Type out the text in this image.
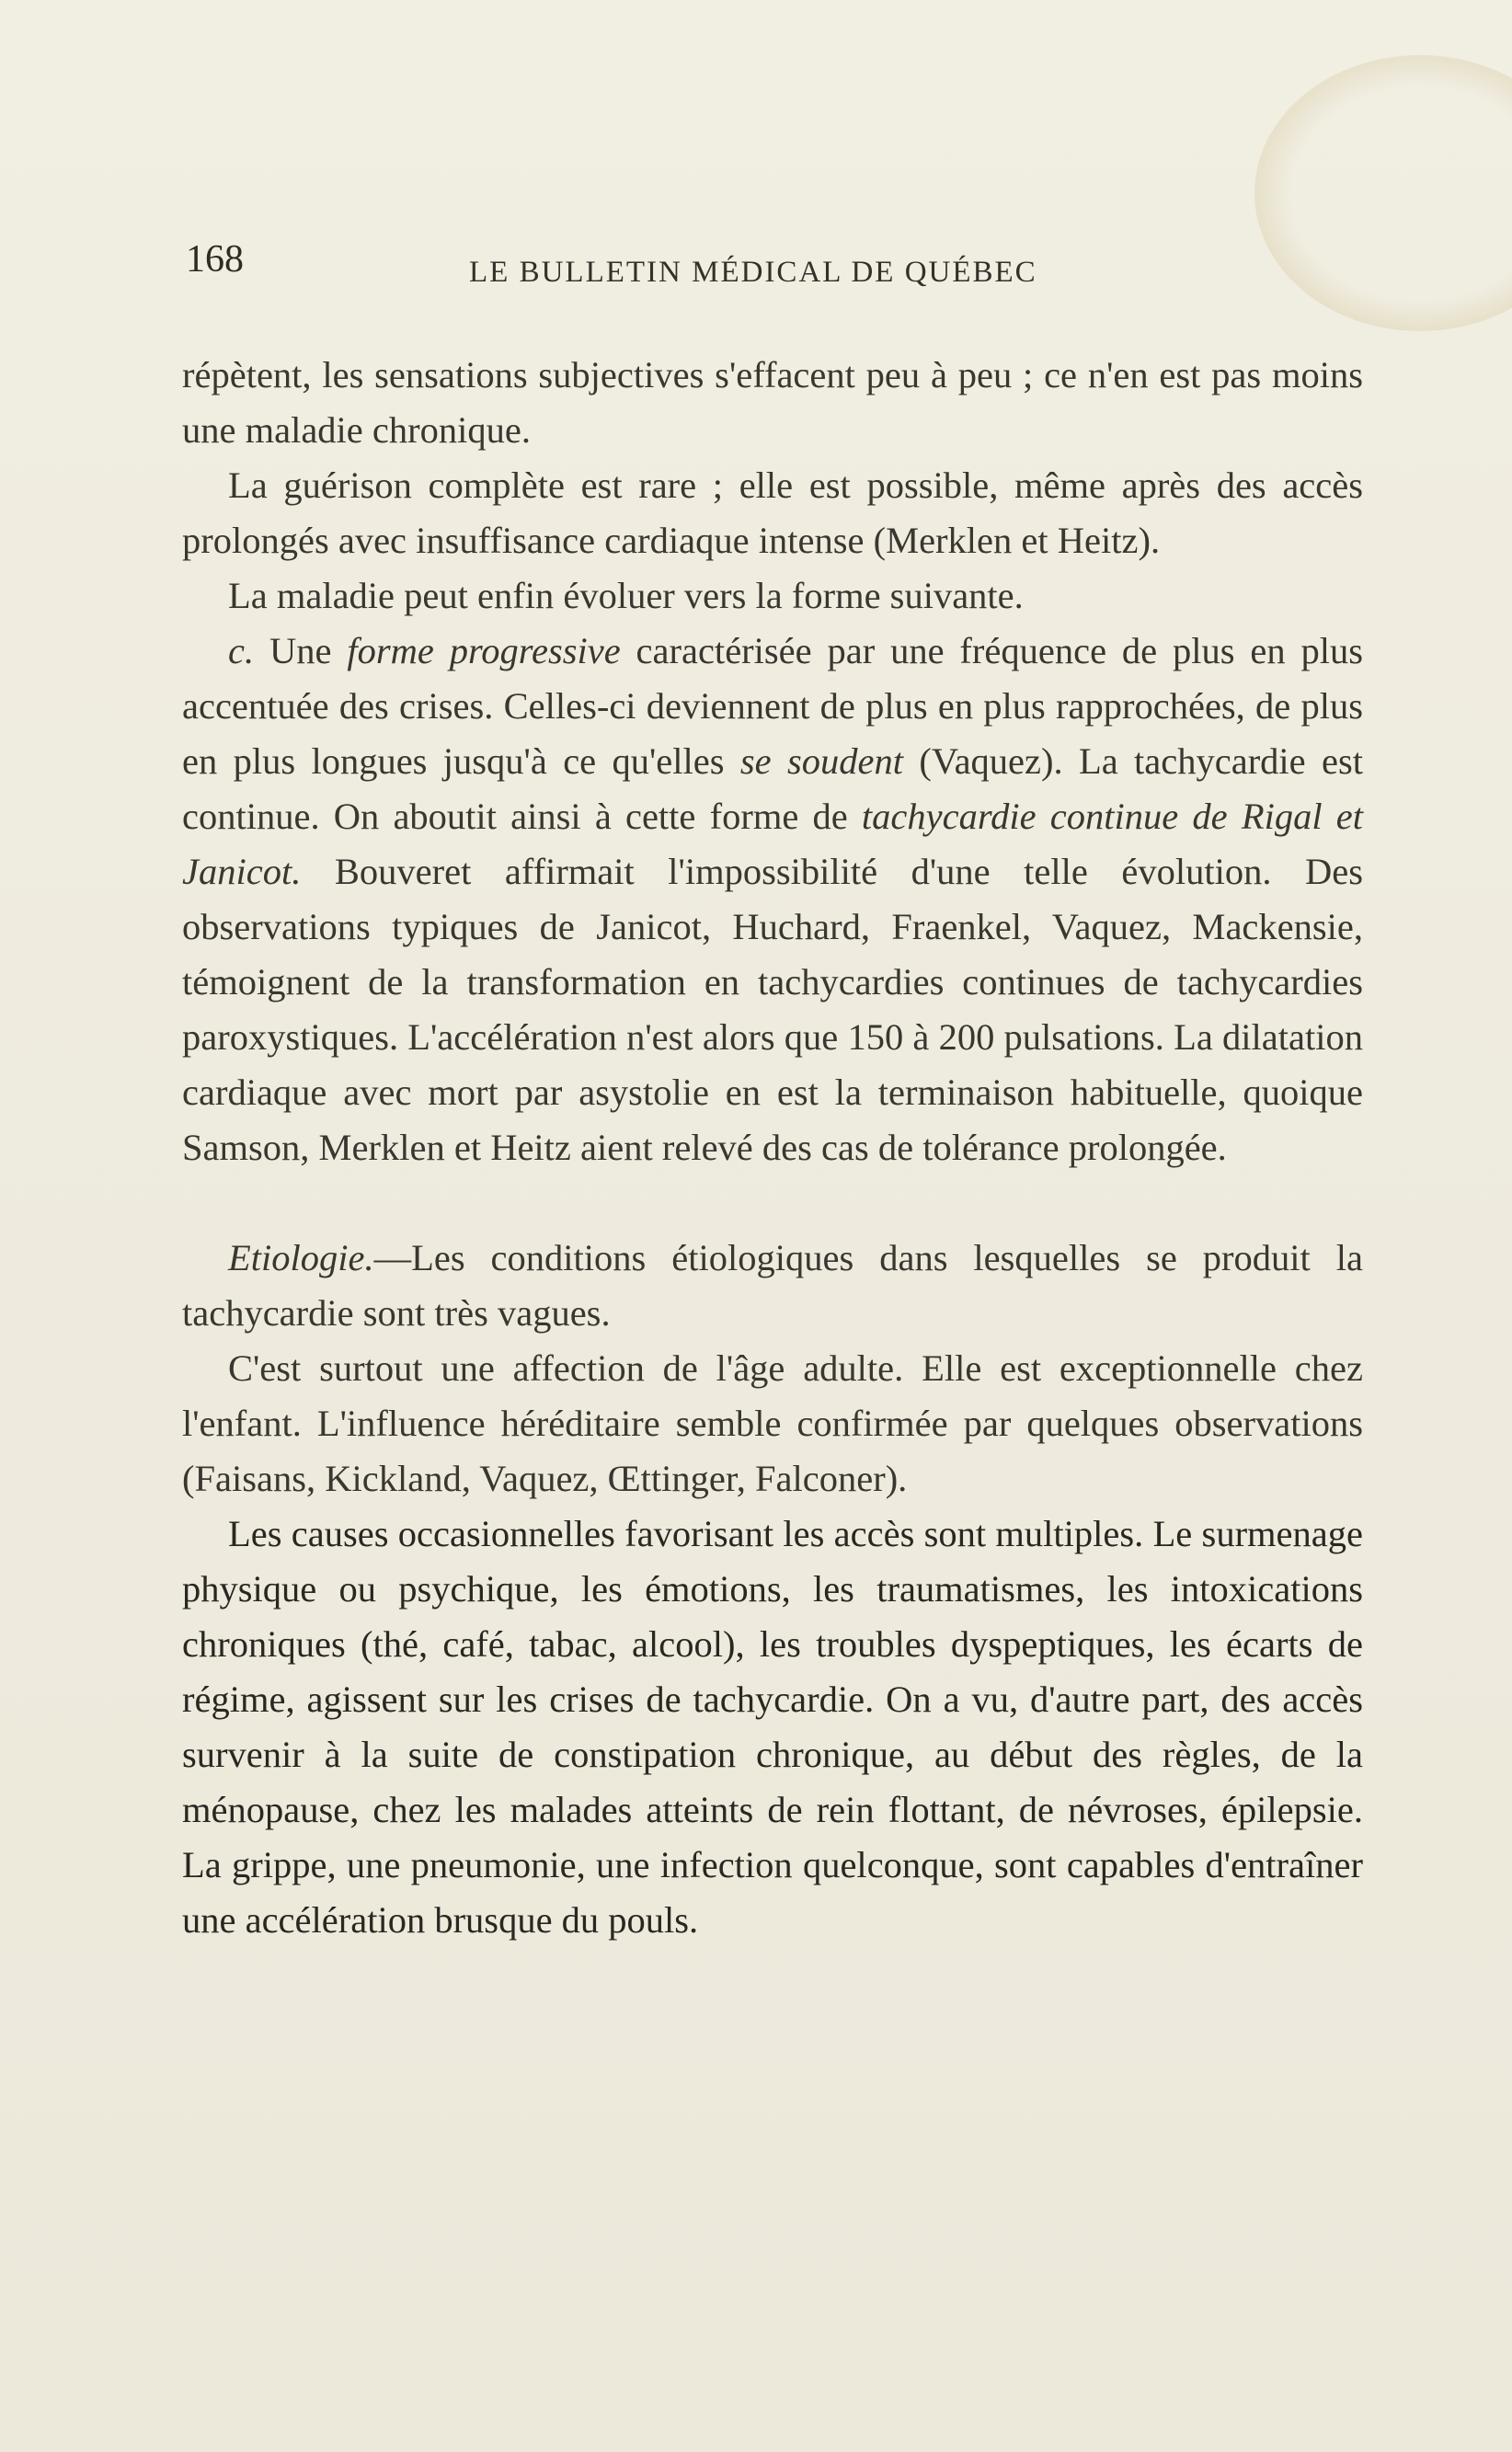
168	LE BULLETIN MÉDICAL DE QUÉBEC

répètent, les sensations subjectives s'effacent peu à peu ; ce n'en est pas moins une maladie chronique.

La guérison complète est rare ; elle est possible, même après des accès prolongés avec insuffisance cardiaque intense (Merklen et Heitz).

La maladie peut enfin évoluer vers la forme suivante.

c. Une forme progressive caractérisée par une fréquence de plus en plus accentuée des crises. Celles-ci deviennent de plus en plus rapprochées, de plus en plus longues jusqu'à ce qu'elles se soudent (Vaquez). La tachycardie est continue. On aboutit ainsi à cette forme de tachycardie continue de Rigal et Janicot. Bouveret affirmait l'impossibilité d'une telle évolution. Des observations typiques de Janicot, Huchard, Fraenkel, Vaquez, Mackensie, témoignent de la transformation en tachycardies continues de tachycardies paroxystiques. L'accélération n'est alors que 150 à 200 pulsations. La dilatation cardiaque avec mort par asystolie en est la terminaison habituelle, quoique Samson, Merklen et Heitz aient relevé des cas de tolérance prolongée.

Etiologie.—Les conditions étiologiques dans lesquelles se produit la tachycardie sont très vagues.

C'est surtout une affection de l'âge adulte. Elle est exceptionnelle chez l'enfant. L'influence héréditaire semble confirmée par quelques observations (Faisans, Kickland, Vaquez, Œttinger, Falconer).

Les causes occasionnelles favorisant les accès sont multiples. Le surmenage physique ou psychique, les émotions, les traumatismes, les intoxications chroniques (thé, café, tabac, alcool), les troubles dyspeptiques, les écarts de régime, agissent sur les crises de tachycardie. On a vu, d'autre part, des accès survenir à la suite de constipation chronique, au début des règles, de la ménopause, chez les malades atteints de rein flottant, de névroses, épilepsie. La grippe, une pneumonie, une infection quelconque, sont capables d'entraîner une accélération brusque du pouls.
